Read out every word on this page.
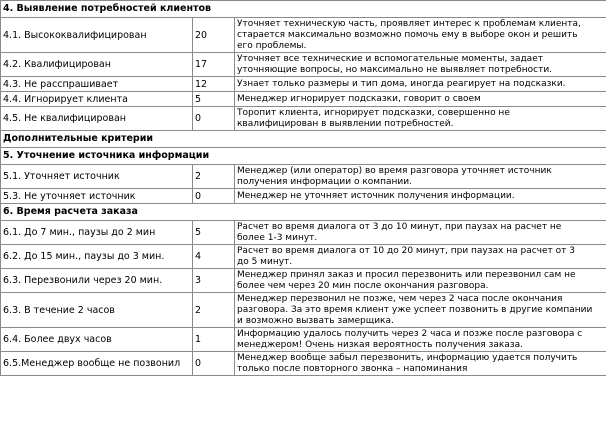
4. Выявление потребностей клиентов		
4.1. Высококвалифицирован	20	Уточняет техническую часть, проявляет интерес к проблемам клиента,
старается максимально возможно помочь ему в выборе окон и решить
его проблемы.

4.2. Квалифицирован	17	Уточняет все технические и вспомогательные моменты, задает
уточняющие вопросы, но максимально не выявляет потребности.

4.3. Не расспрашивает	12	Узнает только размеры и тип дома, иногда реагирует на подсказки.

4.4. Игнорирует клиента	5	Менеджер игнорирует подсказки, говорит о своем

4.5. Не квалифицирован	0	Торопит клиента, игнорирует подсказки, совершенно не
квалифицирован в выявлении потребностей.

Дополнительные критерии		
5. Уточнение источника информации		
5.1. Уточняет источник	2	Менеджер (или оператор) во время разговора уточняет источник
получения информации о компании.

5.3. Не уточняет источник	0	Менеджер не уточняет источник получения информации.

6. Время расчета заказа		
6.1. До 7 мин., паузы до 2 мин	5	Расчет во время диалога от 3 до 10 минут, при паузах на расчет не
более 1-3 минут.

6.2. До 15 мин., паузы до 3 мин.	4	Расчет во время диалога от 10 до 20 минут, при паузах на расчет от 3
до 5 минут.

6.3. Перезвонили через 20 мин.	3	Менеджер принял заказ и просил перезвонить или перезвонил сам не
более чем через 20 мин после окончания разговора.

6.3. В течение 2 часов	2	Менеджер перезвонил не позже, чем через 2 часа после окончания
разговора. За это время клиент уже успеет позвонить в другие компании
и возможно вызвать замерщика.

6.4. Более двух часов	1	Информацию удалось получить через 2 часа и позже после разговора с
менеджером! Очень низкая вероятность получения заказа.

6.5.Менеджер вообще не позвонил	0	Менеджер вообще забыл перезвонить, информацию удается получить
только после повторного звонка – напоминания
